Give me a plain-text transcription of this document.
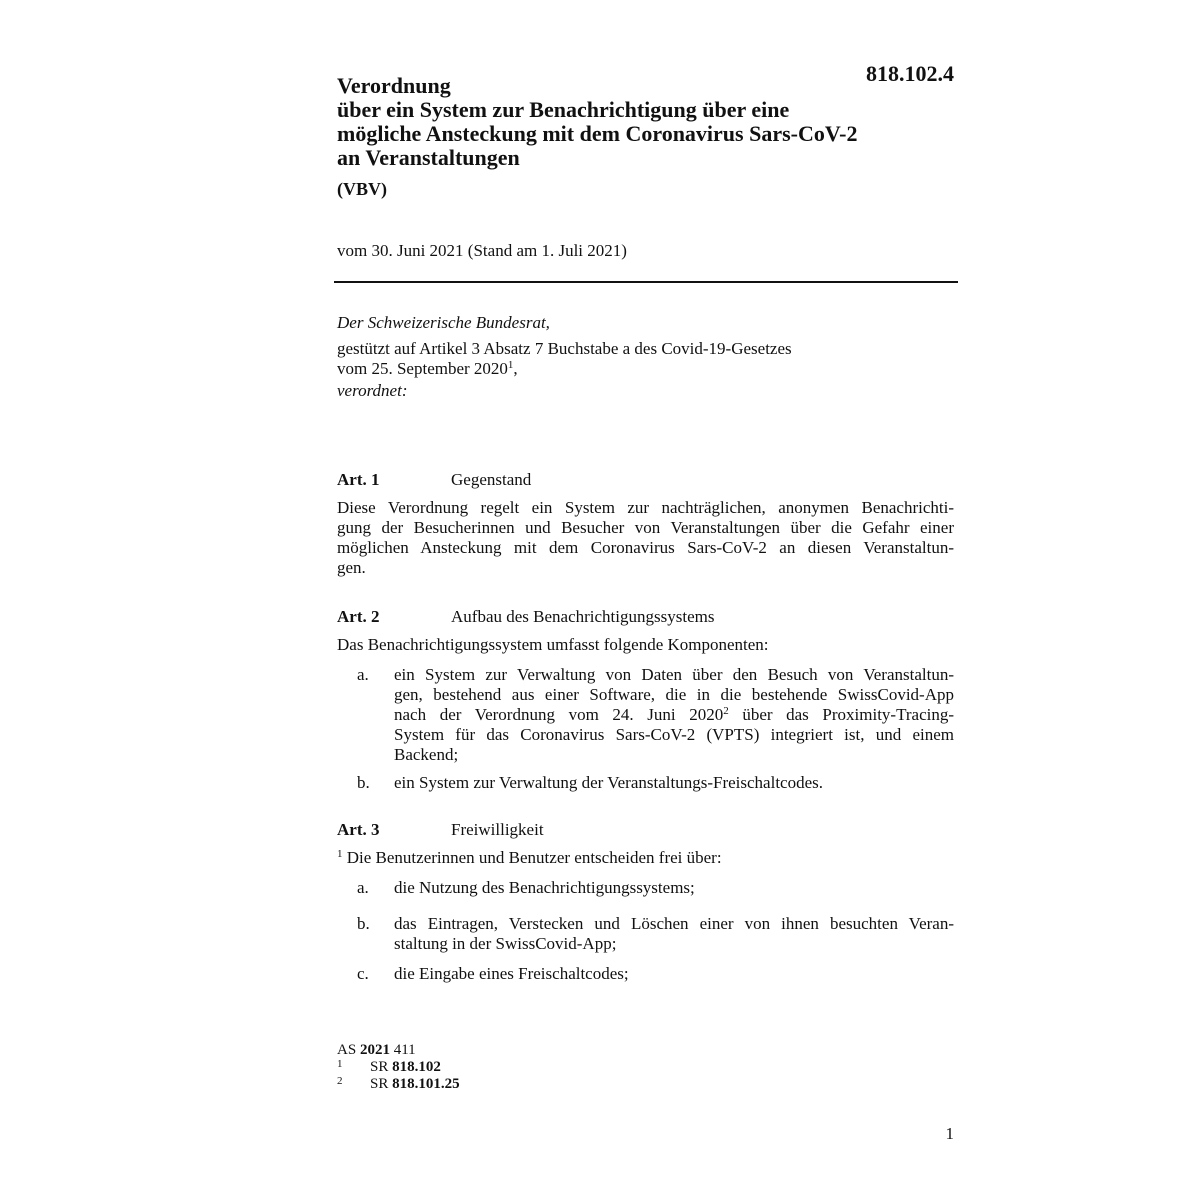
818.102.4
Verordnung
über ein System zur Benachrichtigung über eine
mögliche Ansteckung mit dem Coronavirus Sars-CoV-2
an Veranstaltungen
(VBV)
vom 30. Juni 2021 (Stand am 1. Juli 2021)
Der Schweizerische Bundesrat,
gestützt auf Artikel 3 Absatz 7 Buchstabe a des Covid-19-Gesetzes
vom 25. September 2020$^1$,
verordnet:
Art. 1	Gegenstand
Diese Verordnung regelt ein System zur nachträglichen, anonymen Benachrichti-
gung der Besucherinnen und Besucher von Veranstaltungen über die Gefahr einer
möglichen Ansteckung mit dem Coronavirus Sars-CoV-2 an diesen Veranstaltun-
gen.
Art. 2	Aufbau des Benachrichtigungssystems
Das Benachrichtigungssystem umfasst folgende Komponenten:
a. ein System zur Verwaltung von Daten über den Besuch von Veranstaltun-
gen, bestehend aus einer Software, die in die bestehende SwissCovid-App
nach der Verordnung vom 24. Juni 2020$^2$ über das Proximity-Tracing-
System für das Coronavirus Sars-CoV-2 (VPTS) integriert ist, und einem
Backend;
b. ein System zur Verwaltung der Veranstaltungs-Freischaltcodes.
Art. 3	Freiwilligkeit
$^1$ Die Benutzerinnen und Benutzer entscheiden frei über:
a. die Nutzung des Benachrichtigungssystems;
b. das Eintragen, Verstecken und Löschen einer von ihnen besuchten Veran-
staltung in der SwissCovid-App;
c. die Eingabe eines Freischaltcodes;
AS 2021 411
1 SR 818.102
2 SR 818.101.25
1
